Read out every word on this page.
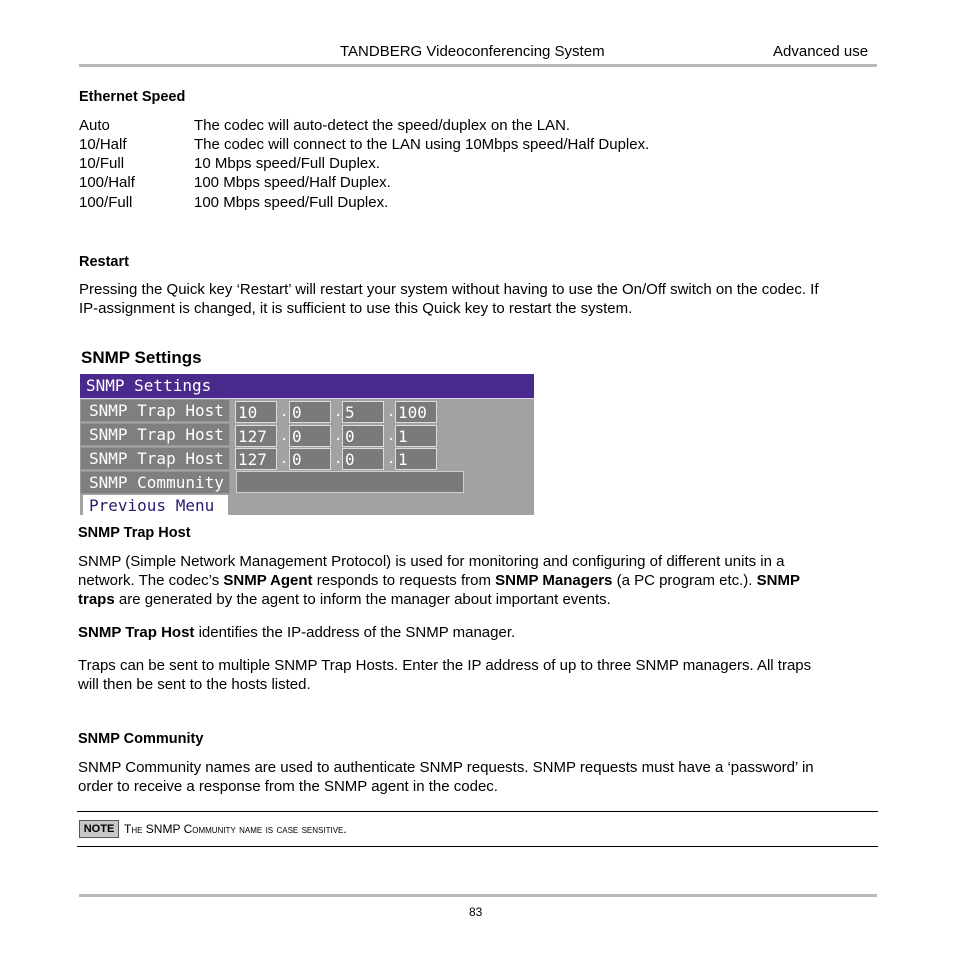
TANDBERG Videoconferencing System	Advanced use
Ethernet Speed
Auto	The codec will auto-detect the speed/duplex on the LAN.
10/Half	The codec will connect to the LAN using 10Mbps speed/Half Duplex.
10/Full	10 Mbps speed/Full Duplex.
100/Half	100 Mbps speed/Half Duplex.
100/Full	100 Mbps speed/Full Duplex.
Restart
Pressing the Quick key ‘Restart’ will restart your system without having to use the On/Off switch on the codec. If
IP-assignment is changed, it is sufficient to use this Quick key to restart the system.
SNMP Settings
SNMP Settings
SNMP Trap Host 10 . 0 . 5 . 100
SNMP Trap Host 127 . 0 . 0 . 1
SNMP Trap Host 127 . 0 . 0 . 1
SNMP Community
Previous Menu
SNMP Trap Host
SNMP (Simple Network Management Protocol) is used for monitoring and configuring of different units in a
network. The codec’s SNMP Agent responds to requests from SNMP Managers (a PC program etc.). SNMP
traps are generated by the agent to inform the manager about important events.
SNMP Trap Host identifies the IP-address of the SNMP manager.
Traps can be sent to multiple SNMP Trap Hosts. Enter the IP address of up to three SNMP managers. All traps
will then be sent to the hosts listed.
SNMP Community
SNMP Community names are used to authenticate SNMP requests. SNMP requests must have a ‘password’ in
order to receive a response from the SNMP agent in the codec.
NOTE The SNMP Community name is case sensitive.
83
